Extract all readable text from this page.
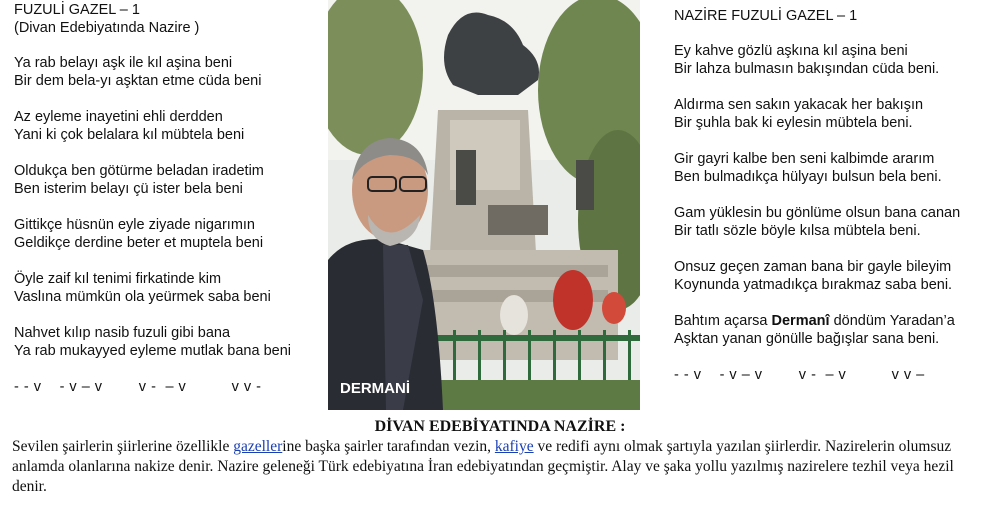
FUZULİ GAZEL – 1
(Divan Edebiyatında Nazire )
Ya rab belayı aşk ile kıl aşina beni
Bir dem bela-yı aşktan etme cüda beni
Az eyleme inayetini ehli derdden
Yani ki çok belalara kıl mübtela beni
Oldukça ben götürme beladan iradetim
Ben isterim belayı çü ister bela beni
Gittikçe hüsnün eyle ziyade nigarımın
Geldikçe derdine beter et muptela beni
Öyle zaif kıl tenimi firkatinde kim
Vaslına mümkün ola yeürmek saba beni
Nahvet kılıp nasib fuzuli gibi bana
Ya rab mukayyed eyleme mutlak bana beni
- - v    - v – v        v -  – v          v v -	DERMANİ
NAZİRE FUZULİ GAZEL – 1
Ey kahve gözlü aşkına kıl aşina beni
Bir lahza bulmasın bakışından cüda beni.
Aldırma sen sakın yakacak her bakışın
Bir şuhla bak ki eylesin mübtela beni.
Gir gayri kalbe ben seni kalbimde ararım
Ben bulmadıkça hülyayı bulsun bela beni.
Gam yüklesin bu gönlüme olsun bana canan
Bir tatlı sözle böyle kılsa mübtela beni.
Onsuz geçen zaman bana bir gayle bileyim
Koynunda yatmadıkça bırakmaz saba beni.
Bahtım açarsa Dermanî döndüm Yaradan’a
Aşktan yanan gönülle bağışlar sana beni.
- - v    - v – v        v -  – v          v v –
DİVAN EDEBİYATINDA NAZİRE :
Sevilen şairlerin şiirlerine özellikle gazellerine başka şairler tarafından vezin, kafiye ve redifi aynı olmak şartıyla yazılan şiirlerdir. Nazirelerin olumsuz anlamda olanlarına nakize denir. Nazire geleneği Türk edebiyatına İran edebiyatından geçmiştir. Alay ve şaka yollu yazılmış nazirelere tezhil veya hezil denir.
